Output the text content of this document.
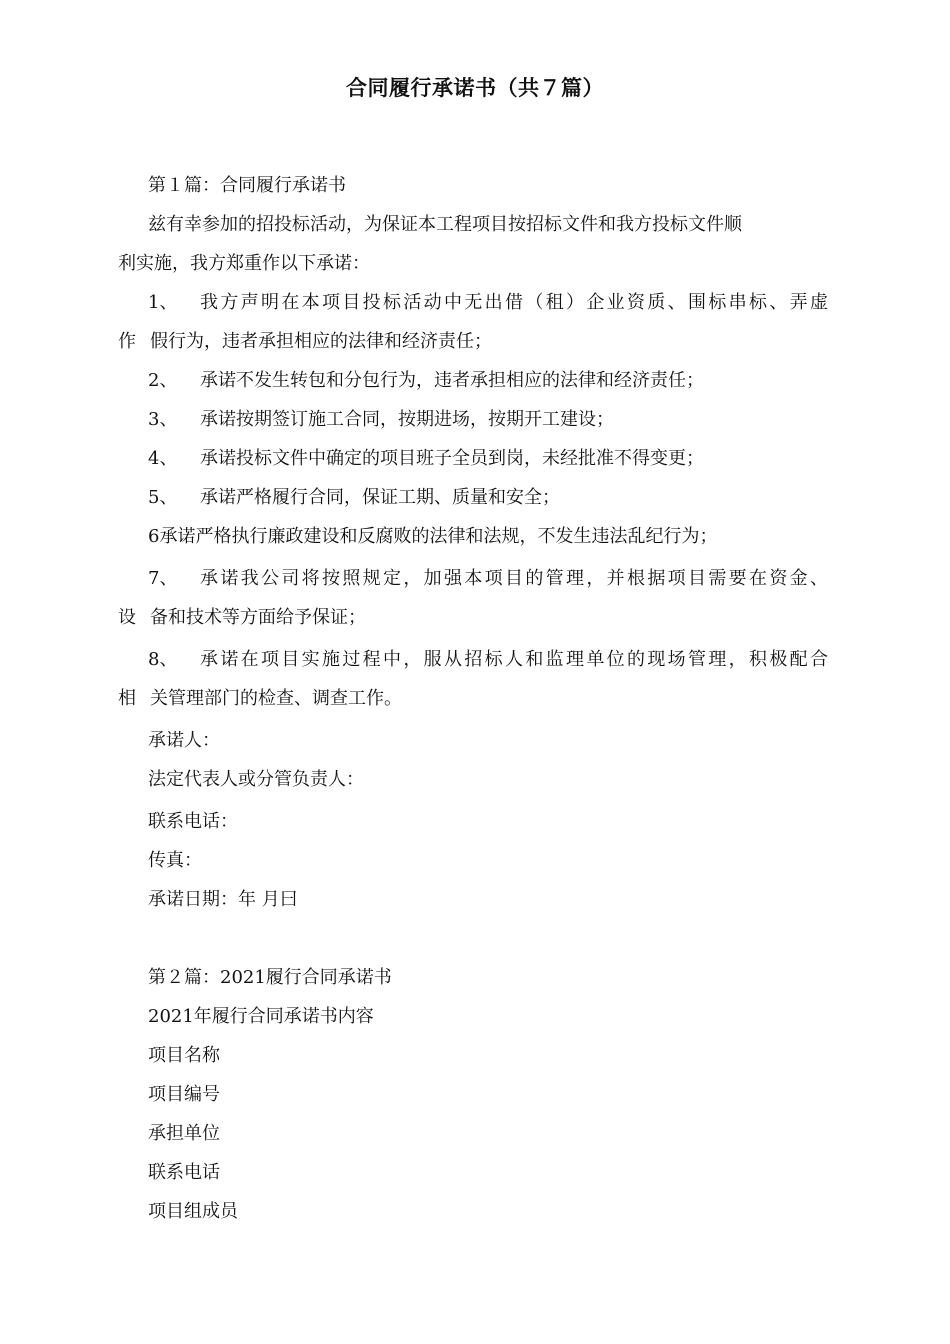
合同履行承诺书（共７篇）
第１篇：合同履行承诺书
兹有幸参加的招投标活动，为保证本工程项目按招标文件和我方投标文件顺
利实施，我方郑重作以下承诺：
1、 我方声明在本项目投标活动中无出借（租）企业资质、围标串标、弄虚
作 假行为，违者承担相应的法律和经济责任；
2、 承诺不发生转包和分包行为，违者承担相应的法律和经济责任；
3、 承诺按期签订施工合同，按期进场，按期开工建设；
4、 承诺投标文件中确定的项目班子全员到岗，未经批准不得变更；
5、 承诺严格履行合同，保证工期、质量和安全；
6承诺严格执行廉政建设和反腐败的法律和法规，不发生违法乱纪行为；
7、 承诺我公司将按照规定，加强本项目的管理，并根据项目需要在资金、
设 备和技术等方面给予保证；
8、 承诺在项目实施过程中，服从招标人和监理单位的现场管理，积极配合
相 关管理部门的检查、调查工作。
承诺人：
法定代表人或分管负责人：
联系电话：
传真：
承诺日期：年 月曰
第２篇：2021履行合同承诺书
2021年履行合同承诺书内容
项目名称
项目编号
承担单位
联系电话
项目组成员
